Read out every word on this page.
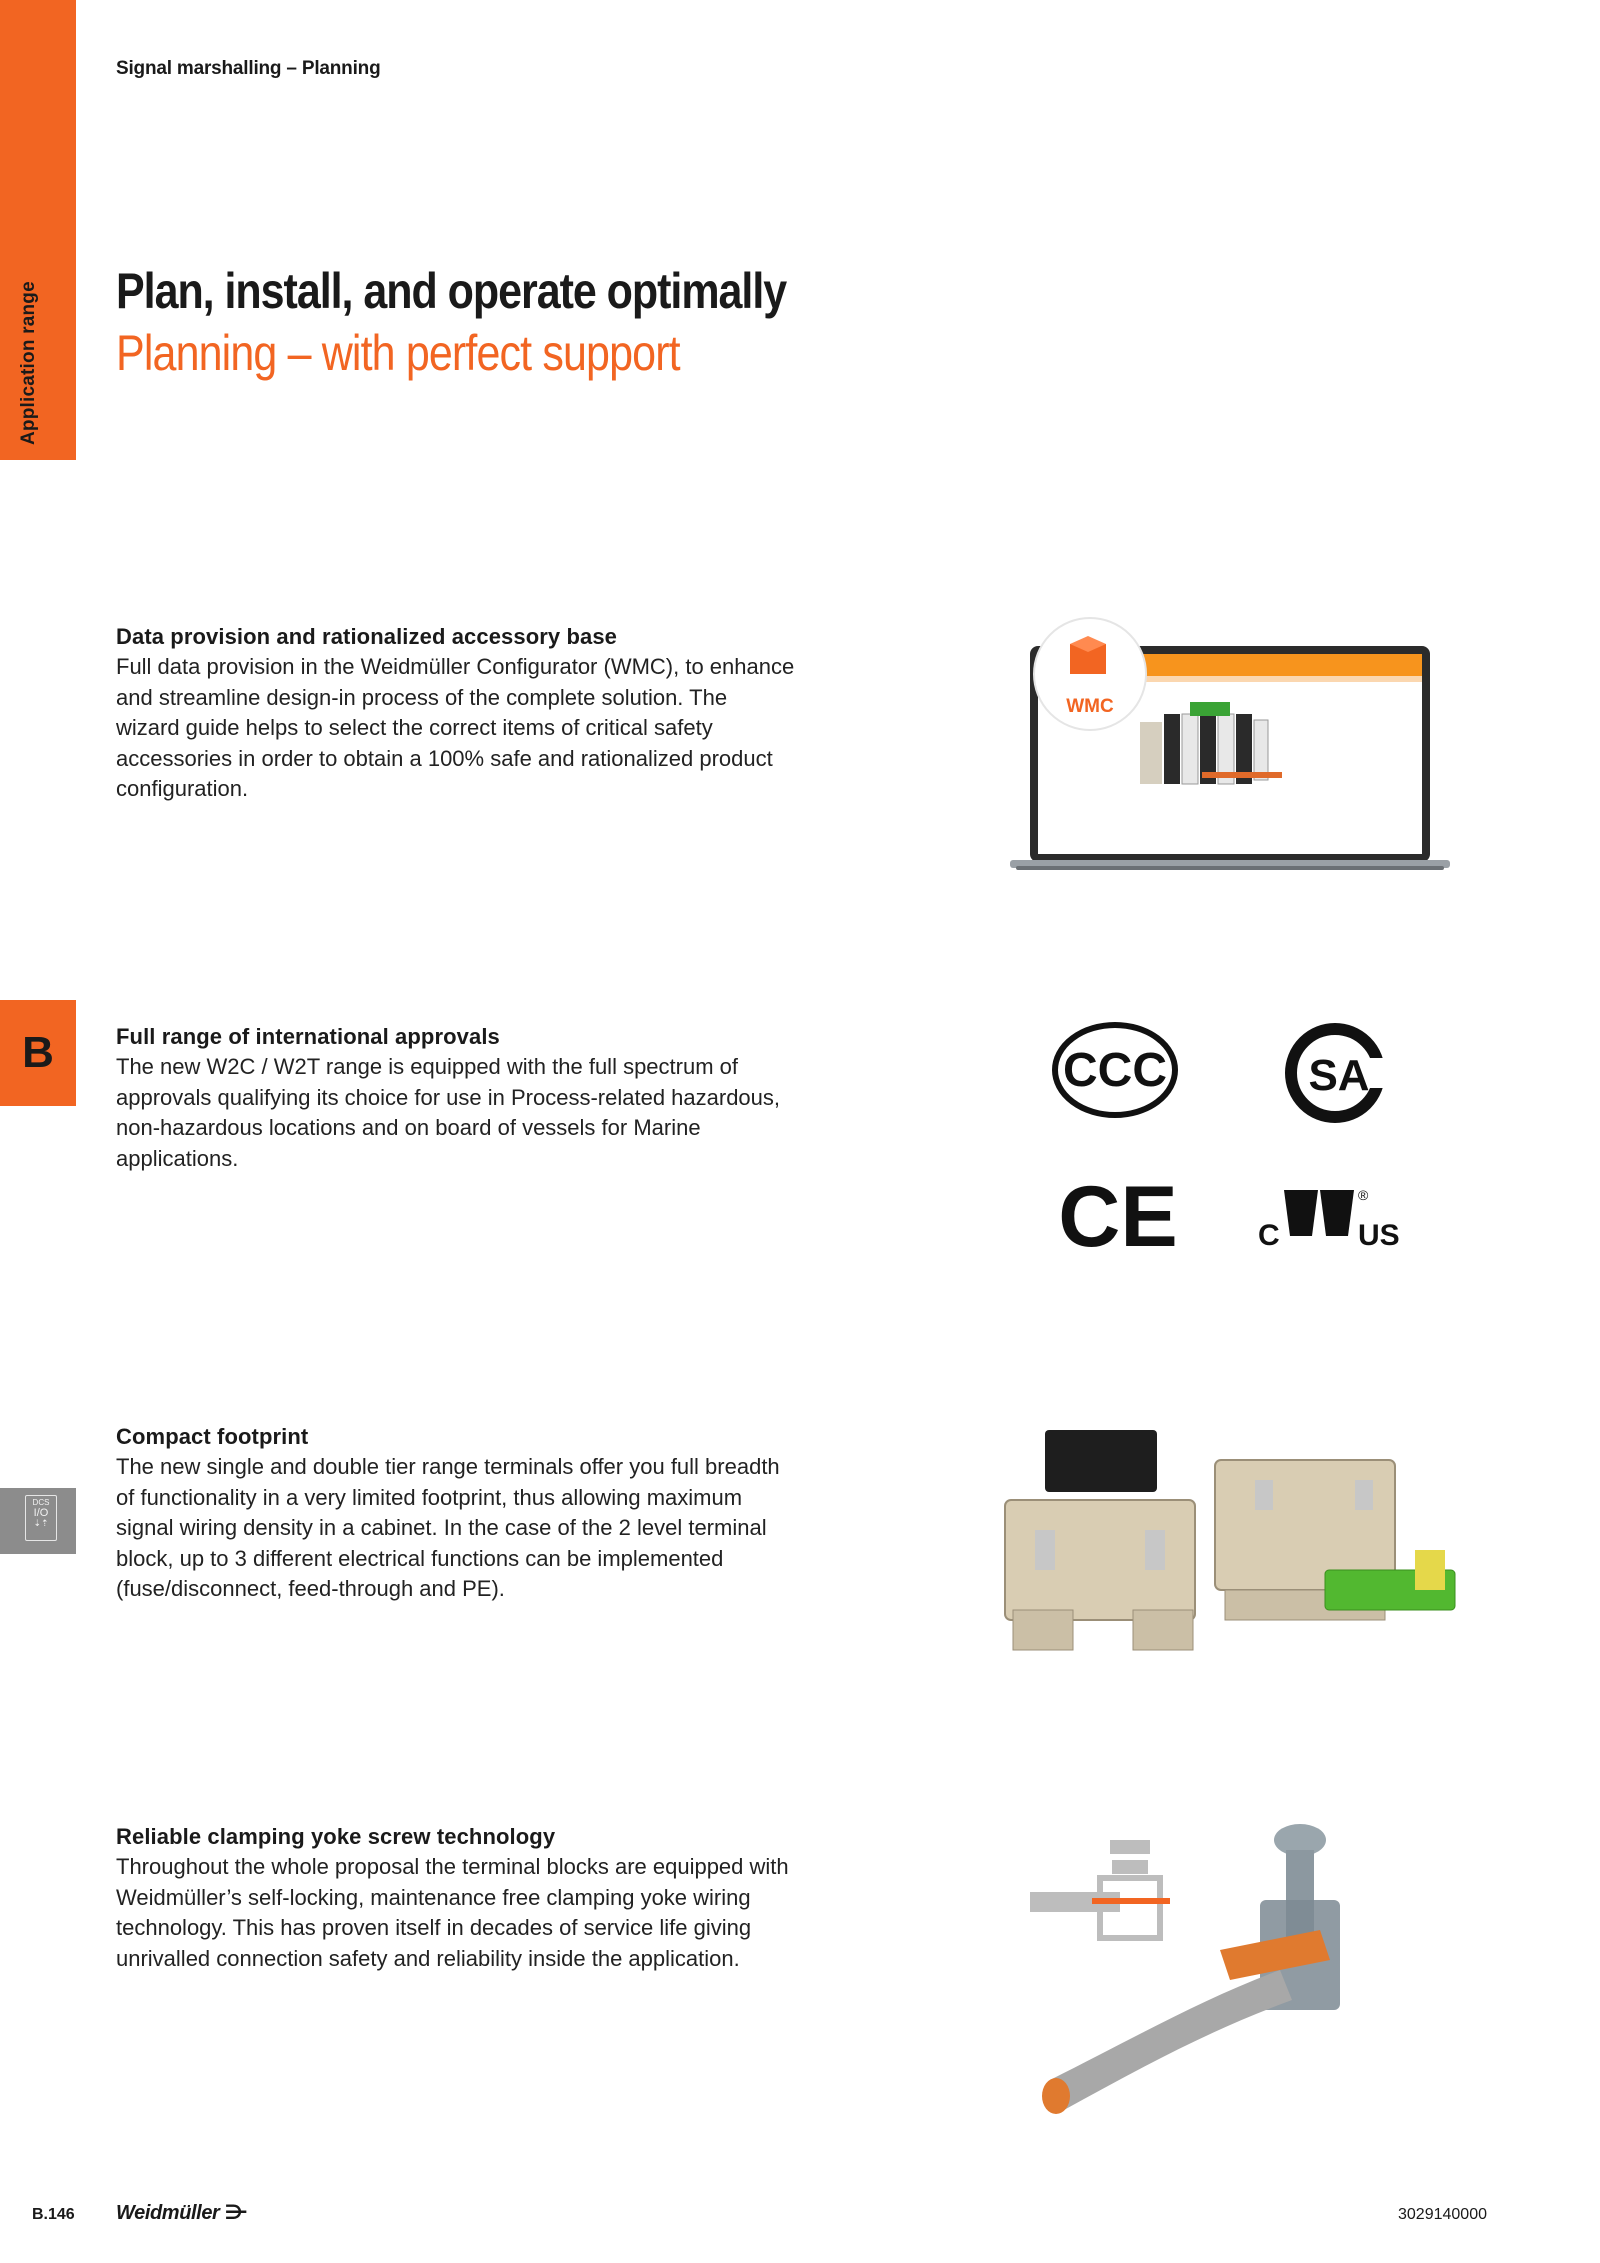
Application range
B
DCS
I/O
⇣⇡
Signal marshalling – Planning
Plan, install, and operate optimally
Planning – with perfect support
Data provision and rationalized accessory base

Full data provision in the Weidmüller Configurator (WMC), to enhance and streamline design-in process of the complete solution. The wizard guide helps to select the correct items of critical safety accessories in order to obtain a 100% safe and rationalized product configuration.

WMC
Full range of international approvals

The new W2C / W2T range is equipped with the full spectrum of approvals qualifying its choice for use in Process-related hazardous, non-hazardous locations and on board of vessels for Marine applications.

CCC	SA
CE	C
®
US
Compact footprint

The new single and double tier range terminals offer you full breadth of functionality in a very limited footprint, thus allowing maximum signal wiring density in a cabinet. In the case of the 2 level terminal block, up to 3 different electrical functions can be implemented (fuse/disconnect, feed-through and PE).

Reliable clamping yoke screw technology

Throughout the whole proposal the terminal blocks are equipped with Weidmüller’s self-locking, maintenance free clamping yoke wiring technology. This has proven itself in decades of service life giving unrivalled connection safety and reliability inside the application.

B.146 Weidmüller ⋺	3029140000
